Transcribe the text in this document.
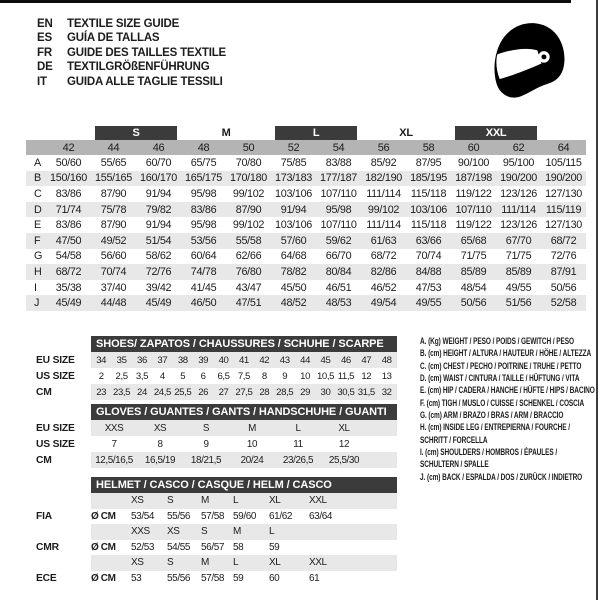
EN	TEXTILE SIZE GUIDE
ES	GUÍA DE TALLAS
FR	GUIDE DES TAILLES TEXTILE
DE	TEXTILGRÖßENFÜHRUNG
IT	GUIDA ALLE TAGLIE TESSILI

		S		M		L		XL		XXL		

	42	44	46	48	50	52	54	56	58	60	62	64
A	50/60	55/65	60/70	65/75	70/80	75/85	83/88	85/92	87/95	90/100	95/100	105/115
B	150/160	155/165	160/170	165/175	170/180	173/183	177/187	182/190	185/195	187/198	190/200	190/200
C	83/86	87/90	91/94	95/98	99/102	103/106	107/110	111/114	115/118	119/122	123/126	127/130
D	71/74	75/78	79/82	83/86	87/90	91/94	95/98	99/102	103/106	107/110	111/114	115/119
E	83/86	87/90	91/94	95/98	99/102	103/106	107/110	111/114	115/118	119/122	123/126	127/130
F	47/50	49/52	51/54	53/56	55/58	57/60	59/62	61/63	63/66	65/68	67/70	68/72
G	54/58	56/60	58/62	60/64	62/66	64/68	66/70	68/72	70/74	71/75	71/75	72/76
H	68/72	70/74	72/76	74/78	76/80	78/82	80/84	82/86	84/88	85/89	85/89	87/91
I	35/38	37/40	39/42	41/45	43/47	45/50	46/51	46/52	47/53	48/54	49/55	50/56
J	45/49	44/48	45/49	46/50	47/51	48/52	48/53	49/54	49/55	50/56	51/56	52/58
SHOES/ ZAPATOS / CHAUSSURES / SCHUHE / SCARPE
EU SIZE	34	35	36	37	38	39	40	41	42	43	44	45	46	47	48
US SIZE	2	2,5	3,5	4	5	6	6,5	7,5	8	9	10	10,5	11,5	12	13
CM	23	23,5	24	24,5	25,5	26	27	27,5	28	28,5	29	30	30,5	31,5	32
GLOVES / GUANTES / GANTS / HANDSCHUHE / GUANTI
EU SIZE	XXS	XS	S	M	L	XL	
US SIZE	7	8	9	10	11	12	
CM	12,5/16,5	16,5/19	18/21,5	20/24	23/26,5	25,5/30	
HELMET / CASCO / CASQUE / HELM / CASCO
		XS	S	M	L	XL	XXL
FIA	Ø CM	53/54	55/56	57/58	59/60	61/62	63/64
		XXS	XS	S	M	L	
CMR	Ø CM	52/53	54/55	56/57	58	59	
		XS	S	M	L	XL	XXL
ECE	Ø CM	53	55/56	57/58	59	60	61
A. (Kg) WEIGHT / PESO / POIDS / GEWITCH / PESO
B. (cm) HEIGHT / ALTURA / HAUTEUR / HÖHE / ALTEZZA
C. (cm) CHEST / PECHO / POITRINE / TRUHE / PETTO
D. (cm) WAIST / CINTURA / TAILLE / HÜFTUNG / VITA
E. (cm) HIP / CADERA / HANCHE / HÜFTE / HIPS / BACINO
F. (cm) TIGH / MUSLO / CUISSE / SCHENKEL / COSCIA
G. (cm) ARM / BRAZO / BRAS / ARM / BRACCIO
H. (cm) INSIDE LEG / ENTREPIERNA / FOURCHE /
SCHRITT / FORCELLA
I. (cm) SHOULDERS / HOMBROS / ÉPAULES /
SCHULTERN / SPALLE
J. (cm) BACK / ESPALDA / DOS / ZURÜCK / INDIETRO
